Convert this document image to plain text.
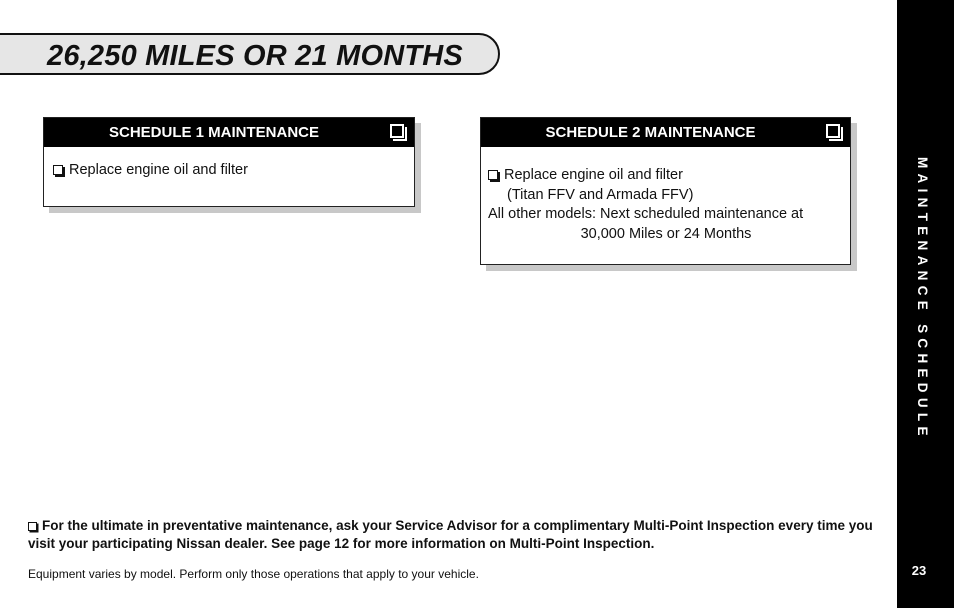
26,250 MILES OR 21 MONTHS
SCHEDULE 1 MAINTENANCE
Replace engine oil and filter
SCHEDULE 2 MAINTENANCE
Replace engine oil and filter
(Titan FFV and Armada FFV)
All other models: Next scheduled maintenance at
30,000 Miles or 24 Months	MAINTENANCE SCHEDULE
23

For the ultimate in preventative maintenance, ask your Service Advisor for a complimentary Multi-Point Inspection every time you visit your participating Nissan dealer. See page 12 for more information on Multi-Point Inspection.

Equipment varies by model. Perform only those operations that apply to your vehicle.
